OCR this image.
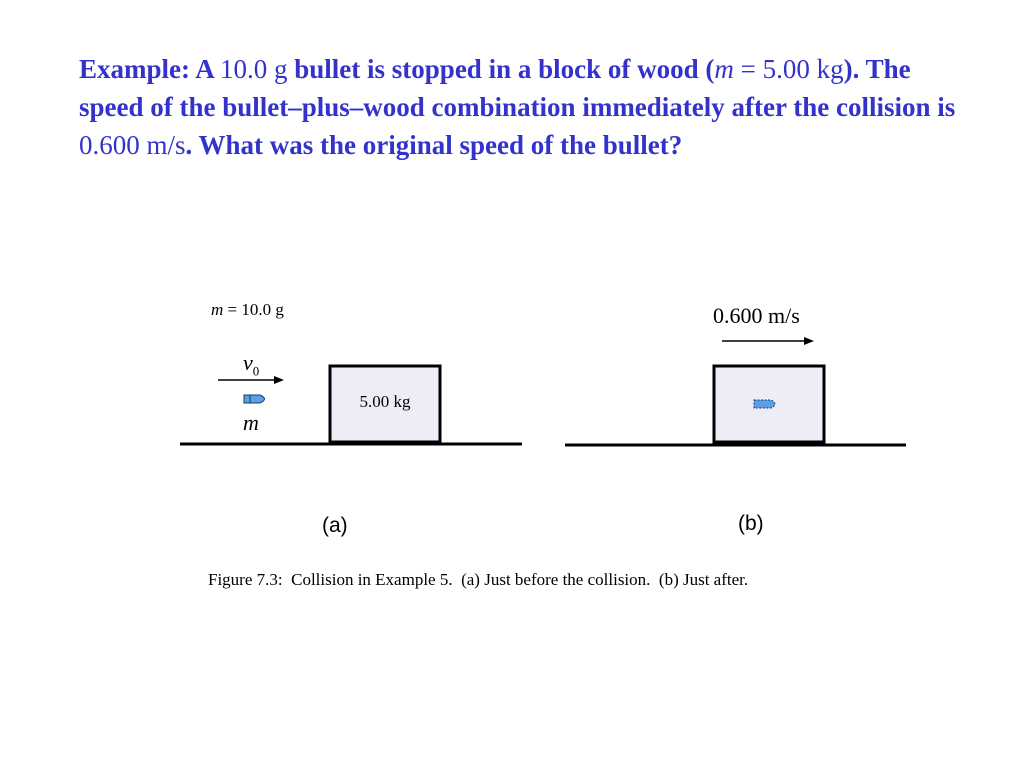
Example: A 10.0 g bullet is stopped in a block of wood (m = 5.00 kg). The speed of the bullet–plus–wood combination immediately after the collision is 0.600 m/s. What was the original speed of the bullet?

m = 10.0 g
$v_0$
m
5.00 kg
(a)
0.600 m/s
(b)
Figure 7.3:  Collision in Example 5.  (a) Just before the collision.  (b) Just after.
